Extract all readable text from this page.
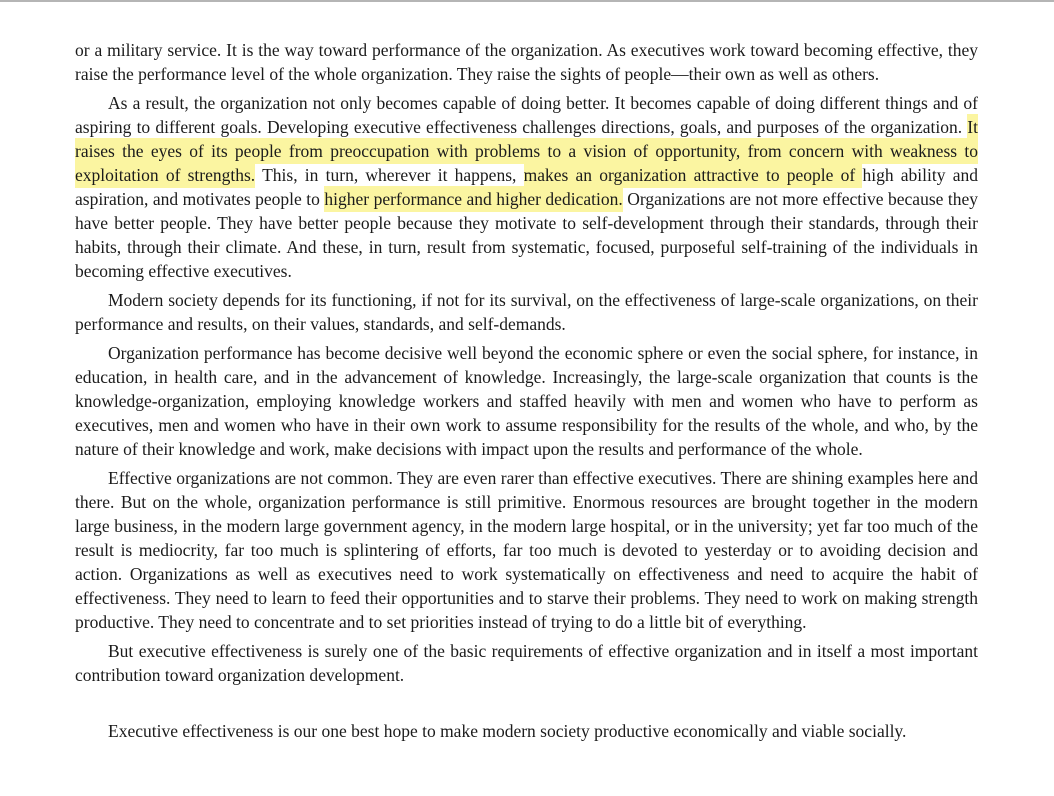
or a military service. It is the way toward performance of the organization. As executives work toward becoming effective, they raise the performance level of the whole organization. They raise the sights of people—their own as well as others.

As a result, the organization not only becomes capable of doing better. It becomes capable of doing different things and of aspiring to different goals. Developing executive effectiveness challenges directions, goals, and purposes of the organization. It raises the eyes of its people from preoccupation with problems to a vision of opportunity, from concern with weakness to exploitation of strengths. This, in turn, wherever it happens, makes an organization attractive to people of high ability and aspiration, and motivates people to higher performance and higher dedication. Organizations are not more effective because they have better people. They have better people because they motivate to self-development through their standards, through their habits, through their climate. And these, in turn, result from systematic, focused, purposeful self-training of the individuals in becoming effective executives.

Modern society depends for its functioning, if not for its survival, on the effectiveness of large-scale organizations, on their performance and results, on their values, standards, and self-demands.

Organization performance has become decisive well beyond the economic sphere or even the social sphere, for instance, in education, in health care, and in the advancement of knowledge. Increasingly, the large-scale organization that counts is the knowledge-organization, employing knowledge workers and staffed heavily with men and women who have to perform as executives, men and women who have in their own work to assume responsibility for the results of the whole, and who, by the nature of their knowledge and work, make decisions with impact upon the results and performance of the whole.

Effective organizations are not common. They are even rarer than effective executives. There are shining examples here and there. But on the whole, organization performance is still primitive. Enormous resources are brought together in the modern large business, in the modern large government agency, in the modern large hospital, or in the university; yet far too much of the result is mediocrity, far too much is splintering of efforts, far too much is devoted to yesterday or to avoiding decision and action. Organizations as well as executives need to work systematically on effectiveness and need to acquire the habit of effectiveness. They need to learn to feed their opportunities and to starve their problems. They need to work on making strength productive. They need to concentrate and to set priorities instead of trying to do a little bit of everything.

But executive effectiveness is surely one of the basic requirements of effective organization and in itself a most important contribution toward organization development.

Executive effectiveness is our one best hope to make modern society productive economically and viable socially.
